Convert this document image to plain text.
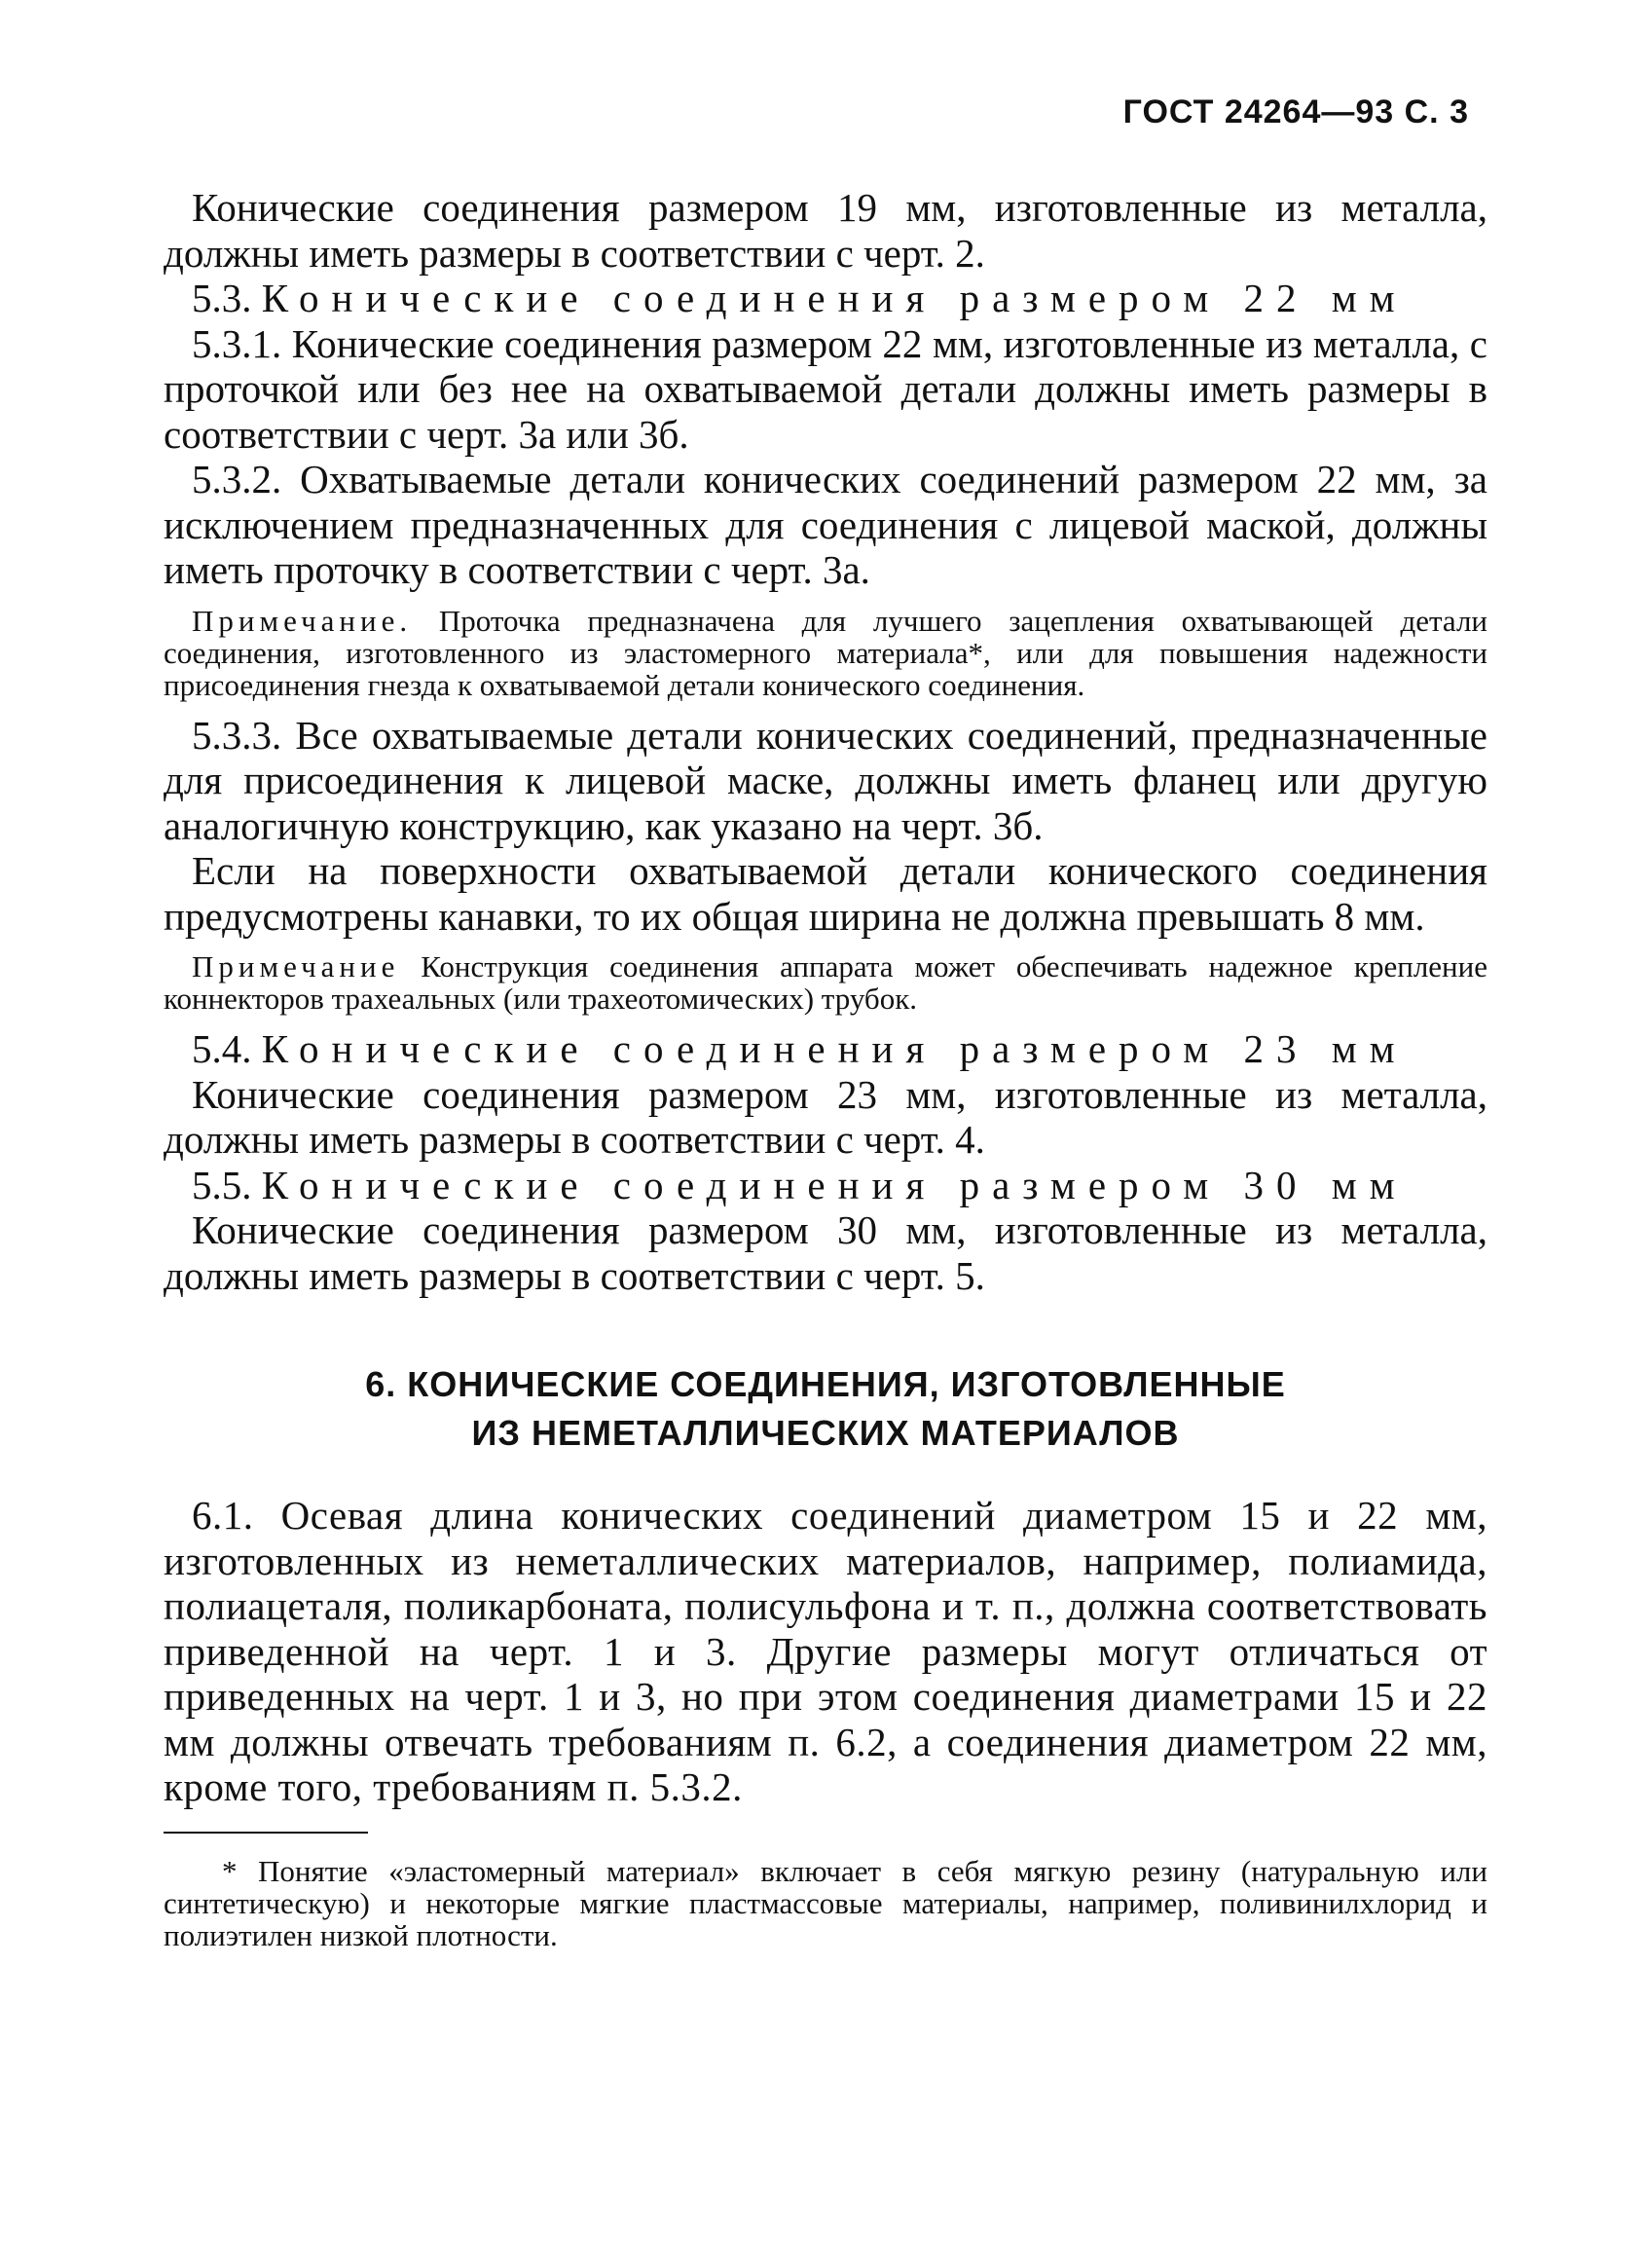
ГОСТ 24264—93 С. 3

Конические соединения размером 19 мм, изготовленные из металла, должны иметь размеры в соответствии с черт. 2.

5.3. Конические соединения размером 22 мм

5.3.1. Конические соединения размером 22 мм, изготовленные из металла, с проточкой или без нее на охватываемой детали должны иметь размеры в соответствии с черт. 3а или 3б.

5.3.2. Охватываемые детали конических соединений размером 22 мм, за исключением предназначенных для соединения с лицевой маской, должны иметь проточку в соответствии с черт. 3а.

Примечание. Проточка предназначена для лучшего зацепления охватывающей детали соединения, изготовленного из эластомерного материала*, или для повышения надежности присоединения гнезда к охватываемой детали конического соединения.

5.3.3. Все охватываемые детали конических соединений, предназначенные для присоединения к лицевой маске, должны иметь фланец или другую аналогичную конструкцию, как указано на черт. 3б.

Если на поверхности охватываемой детали конического соединения предусмотрены канавки, то их общая ширина не должна превышать 8 мм.

Примечание Конструкция соединения аппарата может обеспечивать надежное крепление коннекторов трахеальных (или трахеотомических) трубок.

5.4. Конические соединения размером 23 мм

Конические соединения размером 23 мм, изготовленные из металла, должны иметь размеры в соответствии с черт. 4.

5.5. Конические соединения размером 30 мм

Конические соединения размером 30 мм, изготовленные из металла, должны иметь размеры в соответствии с черт. 5.

6. КОНИЧЕСКИЕ СОЕДИНЕНИЯ, ИЗГОТОВЛЕННЫЕ
ИЗ НЕМЕТАЛЛИЧЕСКИХ МАТЕРИАЛОВ

6.1. Осевая длина конических соединений диаметром 15 и 22 мм, изготовленных из неметаллических материалов, например, полиамида, полиацеталя, поликарбоната, полисульфона и т. п., должна соответствовать приведенной на черт. 1 и 3. Другие размеры могут отличаться от приведенных на черт. 1 и 3, но при этом соединения диаметрами 15 и 22 мм должны отвечать требованиям п. 6.2, а соединения диаметром 22 мм, кроме того, требованиям п. 5.3.2.

* Понятие «эластомерный материал» включает в себя мягкую резину (натуральную или синтетическую) и некоторые мягкие пластмассовые материалы, например, поливинилхлорид и полиэтилен низкой плотности.
